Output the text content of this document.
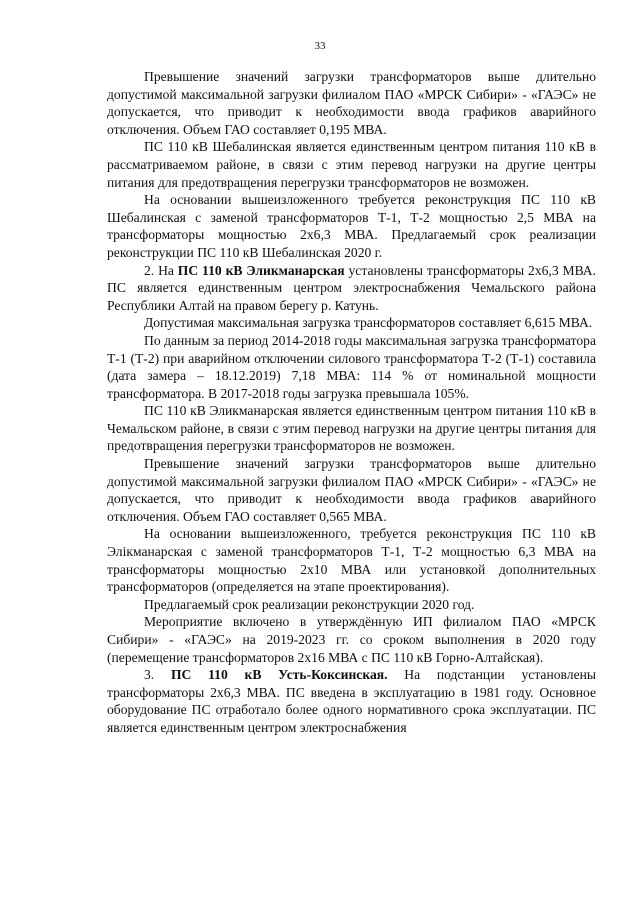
33

Превышение значений загрузки трансформаторов выше длительно допустимой максимальной загрузки филиалом ПАО «МРСК Сибири» - «ГАЭС» не допускается, что приводит к необходимости ввода графиков аварийного отключения. Объем ГАО составляет 0,195 МВА.

ПС 110 кВ Шебалинская является единственным центром питания 110 кВ в рассматриваемом районе, в связи с этим перевод нагрузки на другие центры питания для предотвращения перегрузки трансформаторов не возможен.

На основании вышеизложенного требуется реконструкция ПС 110 кВ Шебалинская с заменой трансформаторов Т-1, Т-2 мощностью 2,5 МВА на трансформаторы мощностью 2х6,3 МВА. Предлагаемый срок реализации реконструкции ПС 110 кВ Шебалинская 2020 г.

2. На ПС 110 кВ Эликманарская установлены трансформаторы 2х6,3 МВА. ПС является единственным центром электроснабжения Чемальского района Республики Алтай на правом берегу р. Катунь.

Допустимая максимальная загрузка трансформаторов составляет 6,615 МВА.

По данным за период 2014-2018 годы максимальная загрузка трансформатора Т-1 (Т-2) при аварийном отключении силового трансформатора Т-2 (Т-1) составила (дата замера – 18.12.2019) 7,18 МВА: 114 % от номинальной мощности трансформатора. В 2017-2018 годы загрузка превышала 105%.

ПС 110 кВ Эликманарская является единственным центром питания 110 кВ в Чемальском районе, в связи с этим перевод нагрузки на другие центры питания для предотвращения перегрузки трансформаторов не возможен.

Превышение значений загрузки трансформаторов выше длительно допустимой максимальной загрузки филиалом ПАО «МРСК Сибири» - «ГАЭС» не допускается, что приводит к необходимости ввода графиков аварийного отключения. Объем ГАО составляет 0,565 МВА.

На основании вышеизложенного, требуется реконструкция ПС 110 кВ Элікманарская с заменой трансформаторов Т-1, Т-2 мощностью 6,3 МВА на трансформаторы мощностью 2х10 МВА или установкой дополнительных трансформаторов (определяется на этапе проектирования).

Предлагаемый срок реализации реконструкции 2020 год.

Мероприятие включено в утверждённую ИП филиалом ПАО «МРСК Сибири» - «ГАЭС» на 2019-2023 гг. со сроком выполнения в 2020 году (перемещение трансформаторов 2х16 МВА с ПС 110 кВ Горно-Алтайская).

3. ПС 110 кВ Усть-Коксинская. На подстанции установлены трансформаторы 2х6,3 МВА. ПС введена в эксплуатацию в 1981 году. Основное оборудование ПС отработало более одного нормативного срока эксплуатации. ПС является единственным центром электроснабжения
